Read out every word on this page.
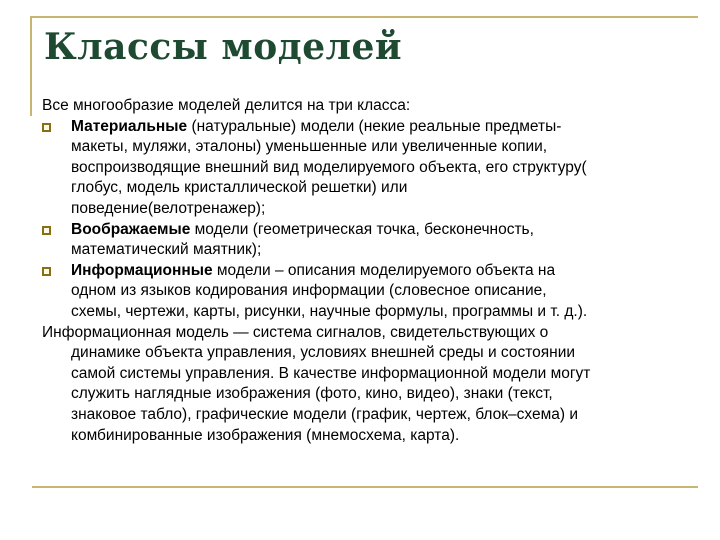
Классы моделей
Все многообразие моделей делится на три класса:
Материальные (натуральные) модели (некие реальные предметы-
макеты, муляжи, эталоны) уменьшенные или увеличенные копии,
воспроизводящие внешний вид моделируемого объекта, его структуру(
глобус, модель кристаллической решетки) или
поведение(велотренажер);
Воображаемые модели (геометрическая точка, бесконечность,
математический маятник);
Информационные модели – описания моделируемого объекта на
одном из языков кодирования информации (словесное описание,
схемы, чертежи, карты, рисунки, научные формулы, программы и т. д.).
Информационная модель — система сигналов, свидетельствующих о
динамике объекта управления, условиях внешней среды и состоянии
самой системы управления. В качестве информационной модели могут
служить наглядные изображения (фото, кино, видео), знаки (текст,
знаковое табло), графические модели (график, чертеж, блок–схема) и
комбинированные изображения (мнемосхема, карта).
